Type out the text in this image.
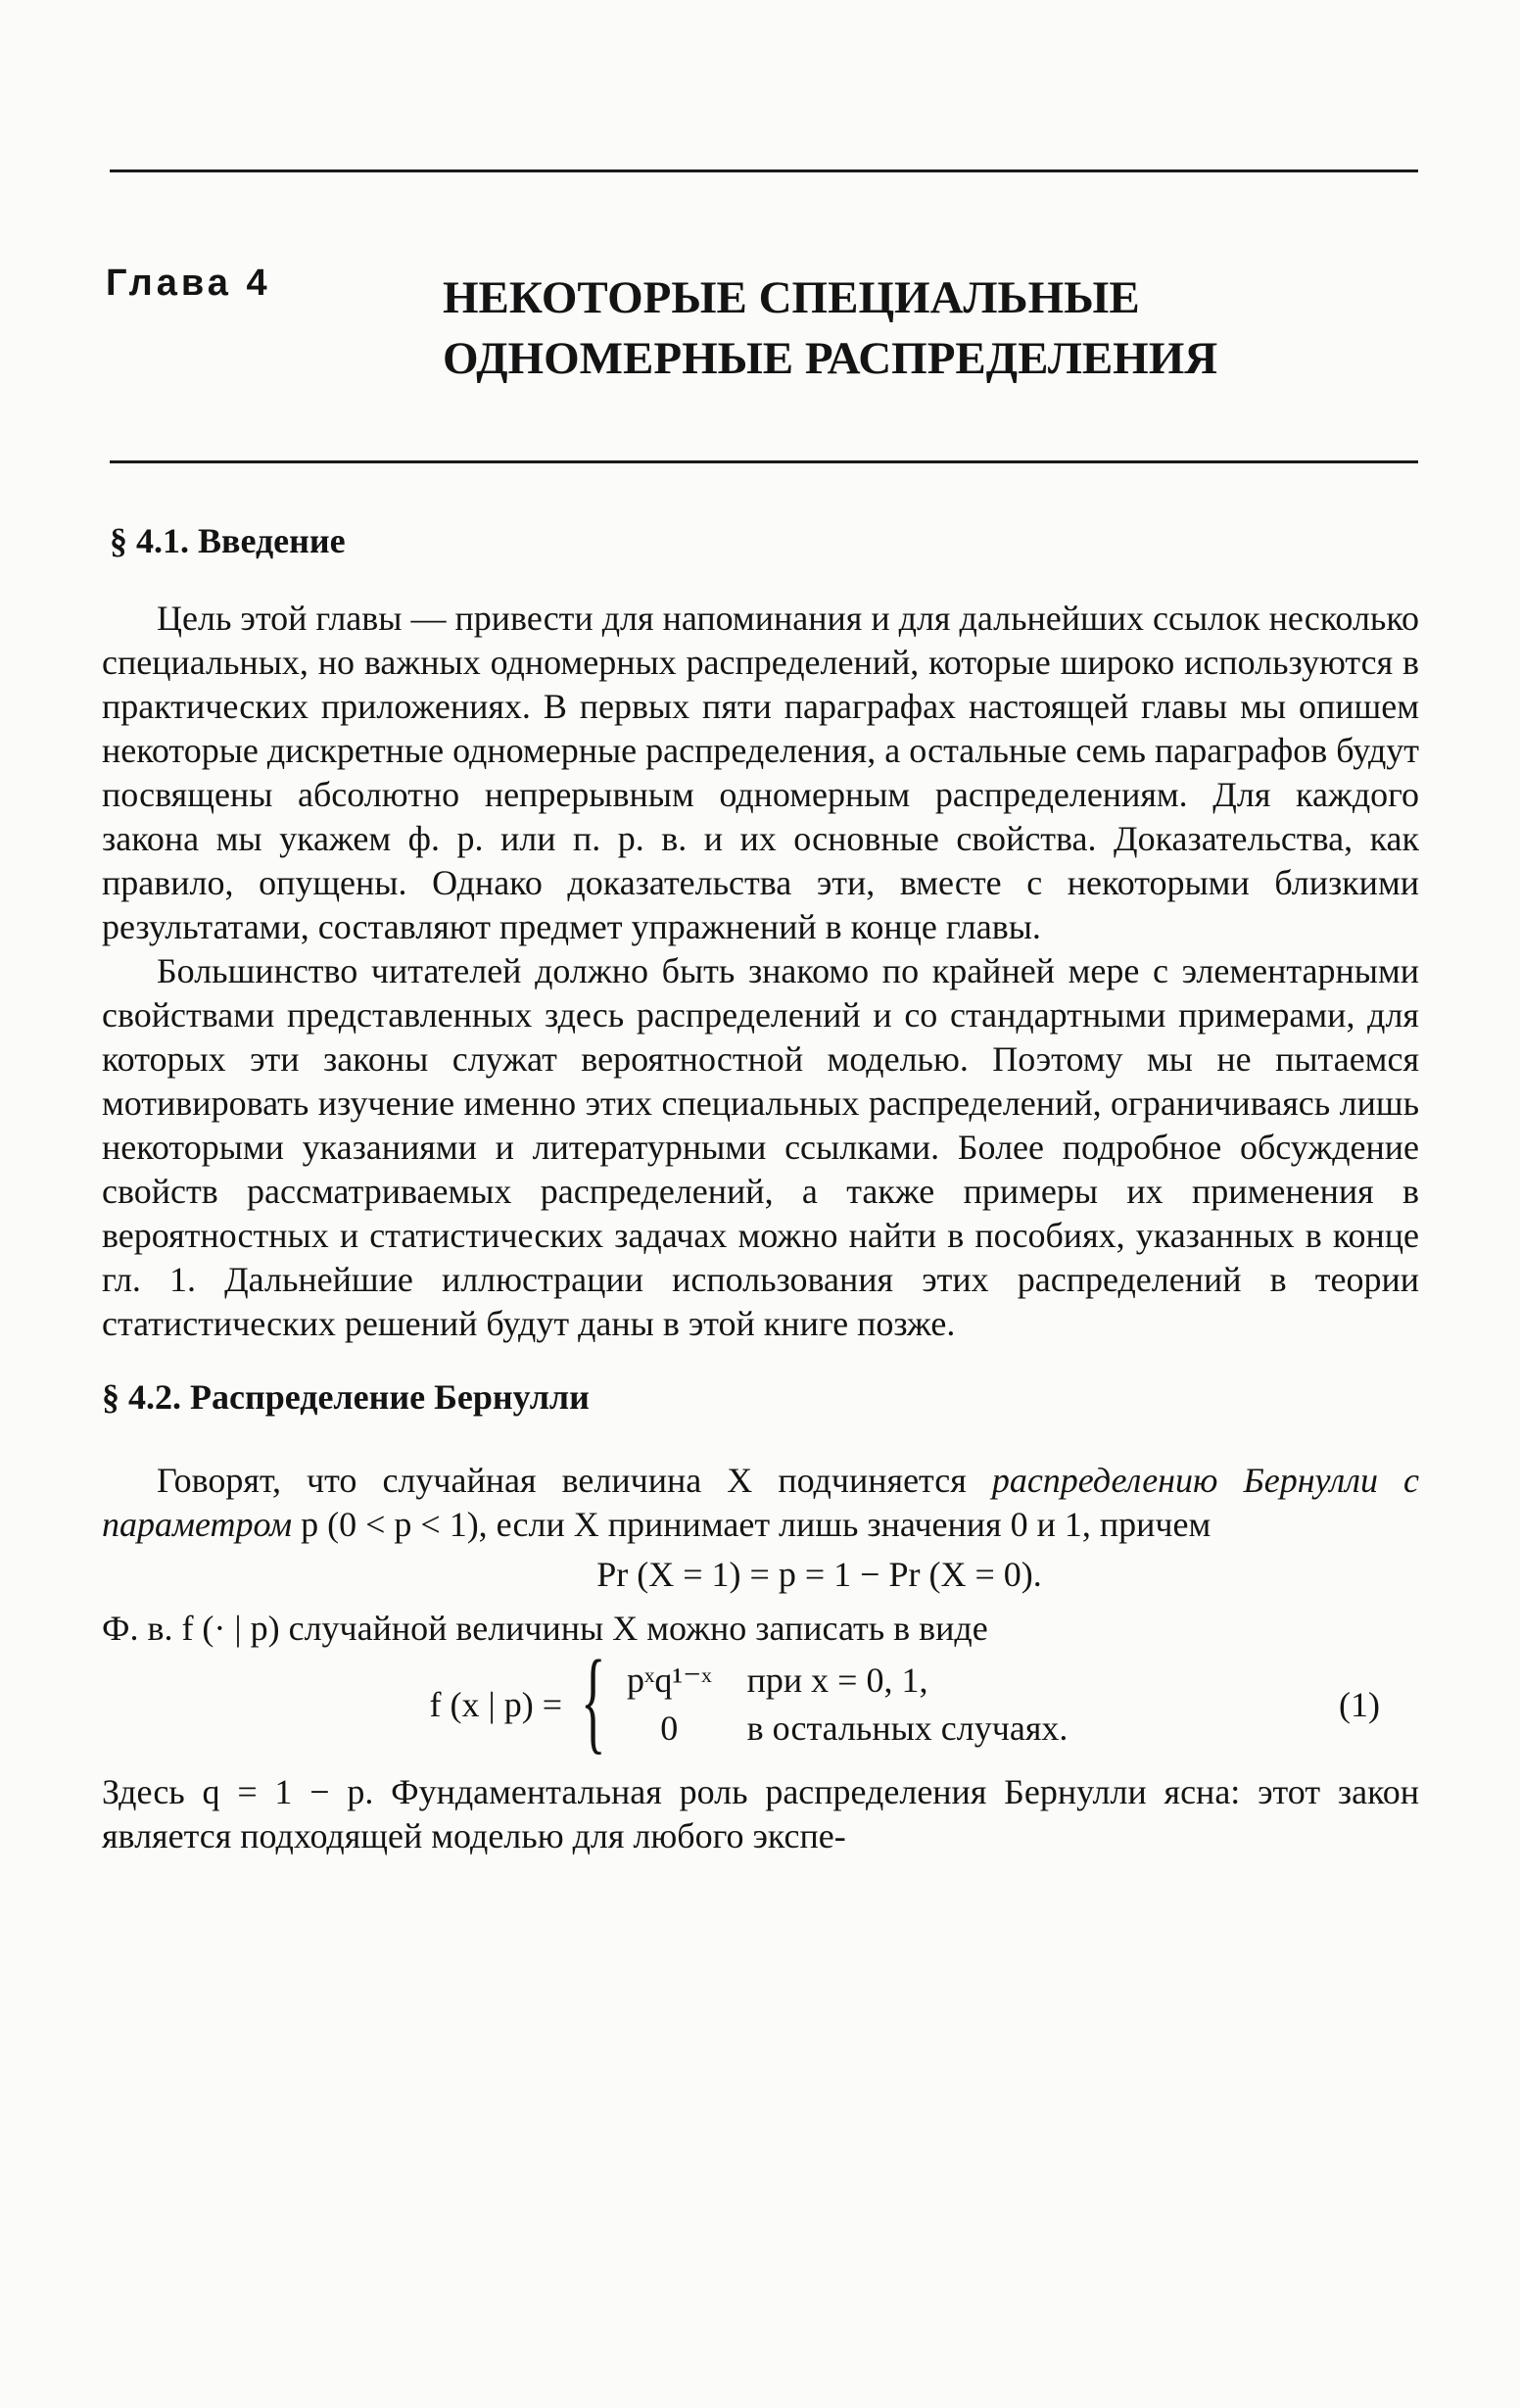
Глава 4	НЕКОТОРЫЕ СПЕЦИАЛЬНЫЕ
ОДНОМЕРНЫЕ РАСПРЕДЕЛЕНИЯ
§ 4.1. Введение

Цель этой главы — привести для напоминания и для дальнейших ссылок несколько специальных, но важных одномерных распределений, которые широко используются в практических приложениях. В первых пяти параграфах настоящей главы мы опишем некоторые дискретные одномерные распределения, а остальные семь параграфов будут посвящены абсолютно непрерывным одномерным распределениям. Для каждого закона мы укажем ф. р. или п. р. в. и их основные свойства. Доказательства, как правило, опущены. Однако доказательства эти, вместе с некоторыми близкими результатами, составляют предмет упражнений в конце главы.

Большинство читателей должно быть знакомо по крайней мере с элементарными свойствами представленных здесь распределений и со стандартными примерами, для которых эти законы служат вероятностной моделью. Поэтому мы не пытаемся мотивировать изучение именно этих специальных распределений, ограничиваясь лишь некоторыми указаниями и литературными ссылками. Более подробное обсуждение свойств рассматриваемых распределений, а также примеры их применения в вероятностных и статистических задачах можно найти в пособиях, указанных в конце гл. 1. Дальнейшие иллюстрации использования этих распределений в теории статистических решений будут даны в этой книге позже.

§ 4.2. Распределение Бернулли

Говорят, что случайная величина X подчиняется распределению Бернулли с параметром p (0 < p < 1), если X принимает лишь значения 0 и 1, причем

Pr (X = 1) = p = 1 − Pr (X = 0).

Ф. в. f (· | p) случайной величины X можно записать в виде

f (x | p) = { pˣq¹⁻ˣ	при x = 0, 1,
0	в остальных случаях.
(1)

Здесь q = 1 − p. Фундаментальная роль распределения Бернулли ясна: этот закон является подходящей моделью для любого экспе-
